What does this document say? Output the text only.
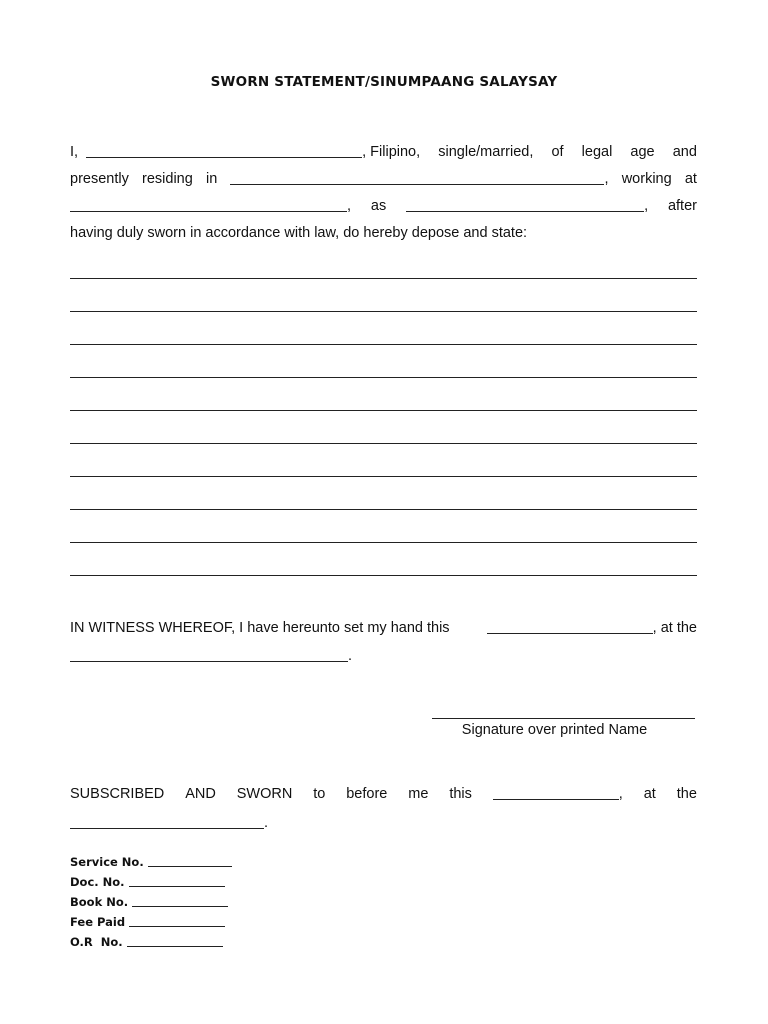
SWORN STATEMENT/SINUMPAANG SALAYSAY
I,	, Filipino, single/married, of legal age and
presently residing in	, working at
, as	, after
having duly sworn in accordance with law, do hereby depose and state:
IN WITNESS WHEREOF, I have hereunto set my hand this	, at the
.
Signature over printed Name
SUBSCRIBED AND SWORN to before me this	, at the
.
Service No.
Doc. No.
Book No.
Fee Paid
O.R  No.
